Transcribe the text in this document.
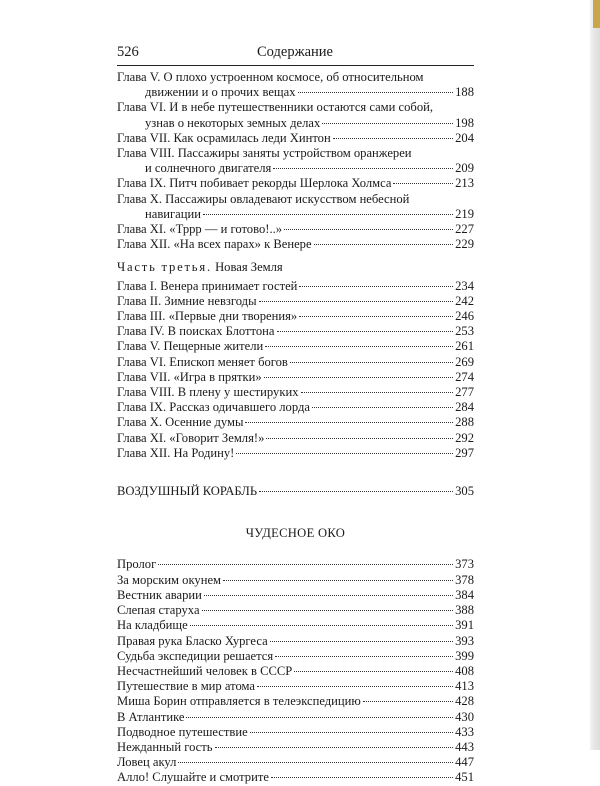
526	Содержание
Глава V. О плохо устроенном космосе, об относительном
движении и о прочих вещах	188
Глава VI. И в небе путешественники остаются сами собой,
узнав о некоторых земных делах	198
Глава VII. Как осрамилась леди Хинтон	204
Глава VIII. Пассажиры заняты устройством оранжереи
и солнечного двигателя	209
Глава IX. Питч побивает рекорды Шерлока Холмса	213
Глава X. Пассажиры овладевают искусством небесной
навигации	219
Глава XI. «Тррр — и готово!..»	227
Глава XII. «На всех парах» к Венере	229
Часть третья. Новая Земля
Глава I. Венера принимает гостей	234
Глава II. Зимние невзгоды	242
Глава III. «Первые дни творения»	246
Глава IV. В поисках Блоттона	253
Глава V. Пещерные жители	261
Глава VI. Епископ меняет богов	269
Глава VII. «Игра в прятки»	274
Глава VIII. В плену у шестируких	277
Глава IX. Рассказ одичавшего лорда	284
Глава X. Осенние думы	288
Глава XI. «Говорит Земля!»	292
Глава XII. На Родину!	297
ВОЗДУШНЫЙ КОРАБЛЬ	305
ЧУДЕСНОЕ ОКО
Пролог	373
За морским окунем	378
Вестник аварии	384
Слепая старуха	388
На кладбище	391
Правая рука Бласко Хургеса	393
Судьба экспедиции решается	399
Несчастнейший человек в СССР	408
Путешествие в мир атома	413
Миша Борин отправляется в телеэкспедицию	428
В Атлантике	430
Подводное путешествие	433
Нежданный гость	443
Ловец акул	447
Алло! Слушайте и смотрите	451
